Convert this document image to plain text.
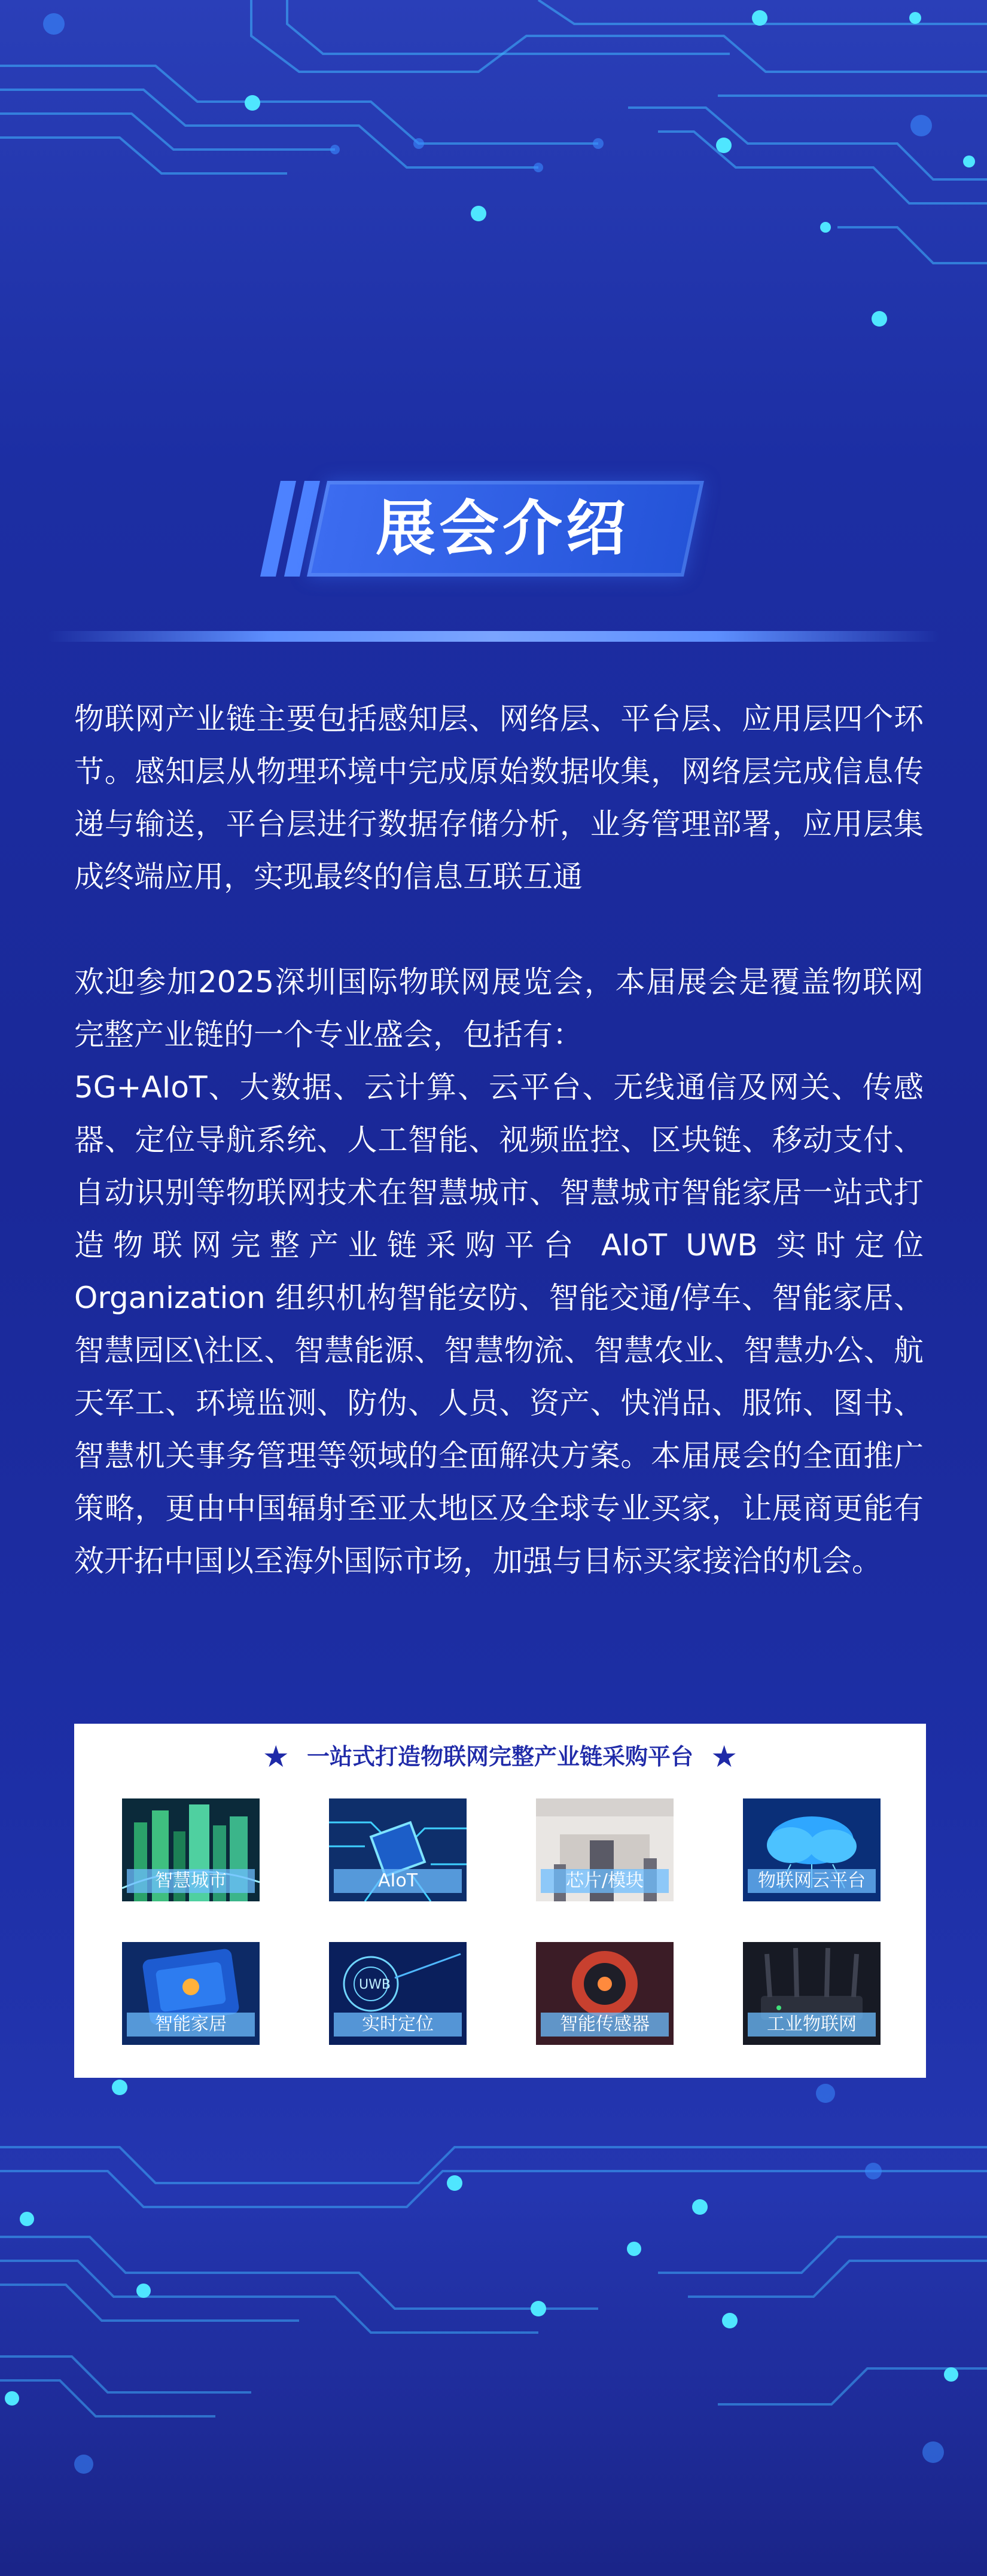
展会介绍

物联网产业链主要包括感知层、网络层、平台层、应用层四个环节。感知层从物理环境中完成原始数据收集，网络层完成信息传递与输送，平台层进行数据存储分析，业务管理部署，应用层集成终端应用，实现最终的信息互联互通

欢迎参加2025深圳国际物联网展览会，本届展会是覆盖物联网完整产业链的一个专业盛会，包括有：
5G+AIoT、大数据、云计算、云平台、无线通信及网关、传感器、定位导航系统、人工智能、视频监控、区块链、移动支付、自动识别等物联网技术在智慧城市、智慧城市智能家居一站式打造物联网完整产业链采购平台 AIoT UWB 实时定位 Organization 组织机构智能安防、智能交通/停车、智能家居、智慧园区\社区、智慧能源、智慧物流、智慧农业、智慧办公、航天军工、环境监测、防伪、人员、资产、快消品、服饰、图书、智慧机关事务管理等领域的全面解决方案。本届展会的全面推广策略，更由中国辐射至亚太地区及全球专业买家，让展商更能有效开拓中国以至海外国际市场，加强与目标买家接洽的机会。
★ 一站式打造物联网完整产业链采购平台 ★
智慧城市	AIoT	芯片/模块	物联网云平台
智能家居
UWB
实时定位	智能传感器	工业物联网
